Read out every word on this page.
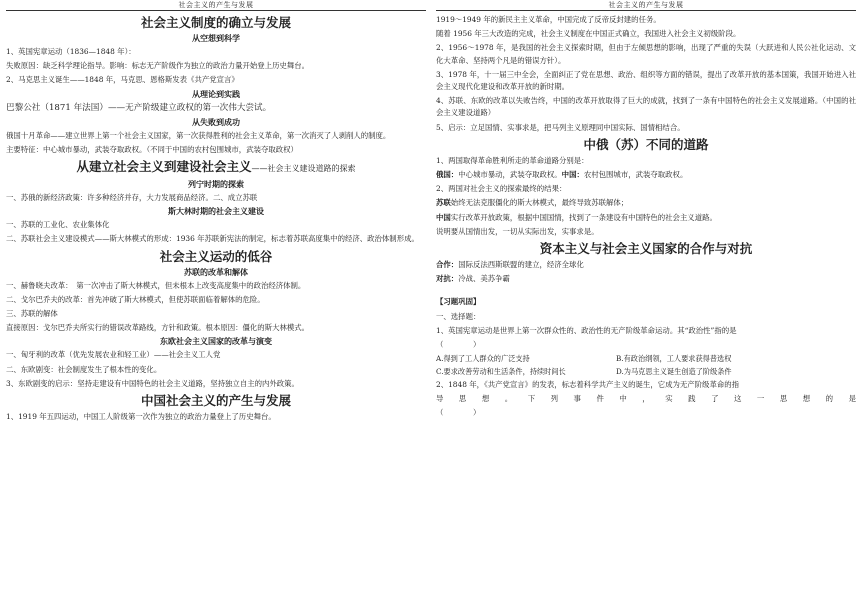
社会主义的产生与发展
社会主义制度的确立与发展
从空想到科学
1、英国宪章运动（1836—1848 年）：
失败原因：缺乏科学理论指导。影响：标志无产阶级作为独立的政治力量开始登上历史舞台。
2、马克思主义诞生——1848 年，马克思、恩格斯发表《共产党宣言》
从理论到实践
巴黎公社（1871 年法国）——无产阶级建立政权的第一次伟大尝试。
从失败到成功
俄国十月革命——建立世界上第一个社会主义国家，第一次获得胜利的社会主义革命，第一次消灭了人剥削人的制度。
主要特征：中心城市暴动，武装夺取政权。（不同于中国的农村包围城市，武装夺取政权）
从建立社会主义到建设社会主义——社会主义建设道路的探索
列宁时期的探索
一、苏俄的新经济政策：许多种经济并存，大力发展商品经济。二、成立苏联
斯大林时期的社会主义建设
一、苏联的工业化、农业集体化
二、苏联社会主义建设模式——斯大林模式的形成：1936 年苏联新宪法的制定，标志着苏联高度集中的经济、政治体制形成。
社会主义运动的低谷
苏联的改革和解体
一、赫鲁晓夫改革：　第一次冲击了斯大林模式，但未根本上改变高度集中的政治经济体制。
二、戈尔巴乔夫的改革：首先冲破了斯大林模式，但使苏联面临着解体的危险。
三、苏联的解体
直接原因：戈尔巴乔夫所实行的错误改革路线，方针和政策。根本原因：僵化的斯大林模式。
东欧社会主义国家的改革与演变
一、匈牙利的改革（优先发展农业和轻工业）——社会主义工人党
二、东欧剧变：社会制度发生了根本性的变化。
3、东欧剧变的启示：坚持走建设有中国特色的社会主义道路，坚持独立自主的内外政策。
中国社会主义的产生与发展
1、1919 年五四运动，中国工人阶级第一次作为独立的政治力量登上了历史舞台。
社会主义的产生与发展
1919～1949 年的新民主主义革命，中国完成了反帝反封建的任务。
随着 1956 年三大改造的完成，社会主义制度在中国正式确立，我国进入社会主义初级阶段。
2、1956～1978 年，是我国的社会主义探索时期，但由于左倾思想的影响，出现了严重的失误（大跃进和人民公社化运动、文化大革命、坚持两个凡是的错误方针）。
3、1978 年，十一届三中全会，全面纠正了党在思想、政治、组织等方面的错误，提出了改革开放的基本国策，我国开始进入社会主义现代化建设和改革开放的新时期。
4、苏联、东欧的改革以失败告终，中国的改革开放取得了巨大的成就，找到了一条有中国特色的社会主义发展道路。（中国的社会主义建设道路）
5、启示：立足国情、实事求是，把马列主义原理同中国实际、国情相结合。
中俄（苏）不同的道路
1、两国取得革命胜利所走的革命道路分别是：
俄国：中心城市暴动，武装夺取政权。中国：农村包围城市，武装夺取政权。
2、两国对社会主义的探索最终的结果：
苏联始终无法克服僵化的斯大林模式，最终导致苏联解体；
中国实行改革开放政策，根据中国国情，找到了一条建设有中国特色的社会主义道路。
说明要从国情出发，一切从实际出发，实事求是。
资本主义与社会主义国家的合作与对抗
合作：国际反法西斯联盟的建立，经济全球化
对抗：冷战、美苏争霸
【习题巩固】
一、选择题：
1、英国宪章运动是世界上第一次群众性的、政治性的无产阶级革命运动。其“政治性”指的是
（　　　　）
A.得到了工人群众的广泛支持	B.有政治纲领，工人要求获得普选权
C.要求改善劳动和生活条件，持续时间长	D.为马克思主义诞生创造了阶级条件
2、1848 年，《共产党宣言》的发表，标志着科学共产主义的诞生，它成为无产阶级革命的指
导 思 想 。 下 列 事 件 中 ， 实 践 了 这 一 思 想 的 是
（　　　　）
